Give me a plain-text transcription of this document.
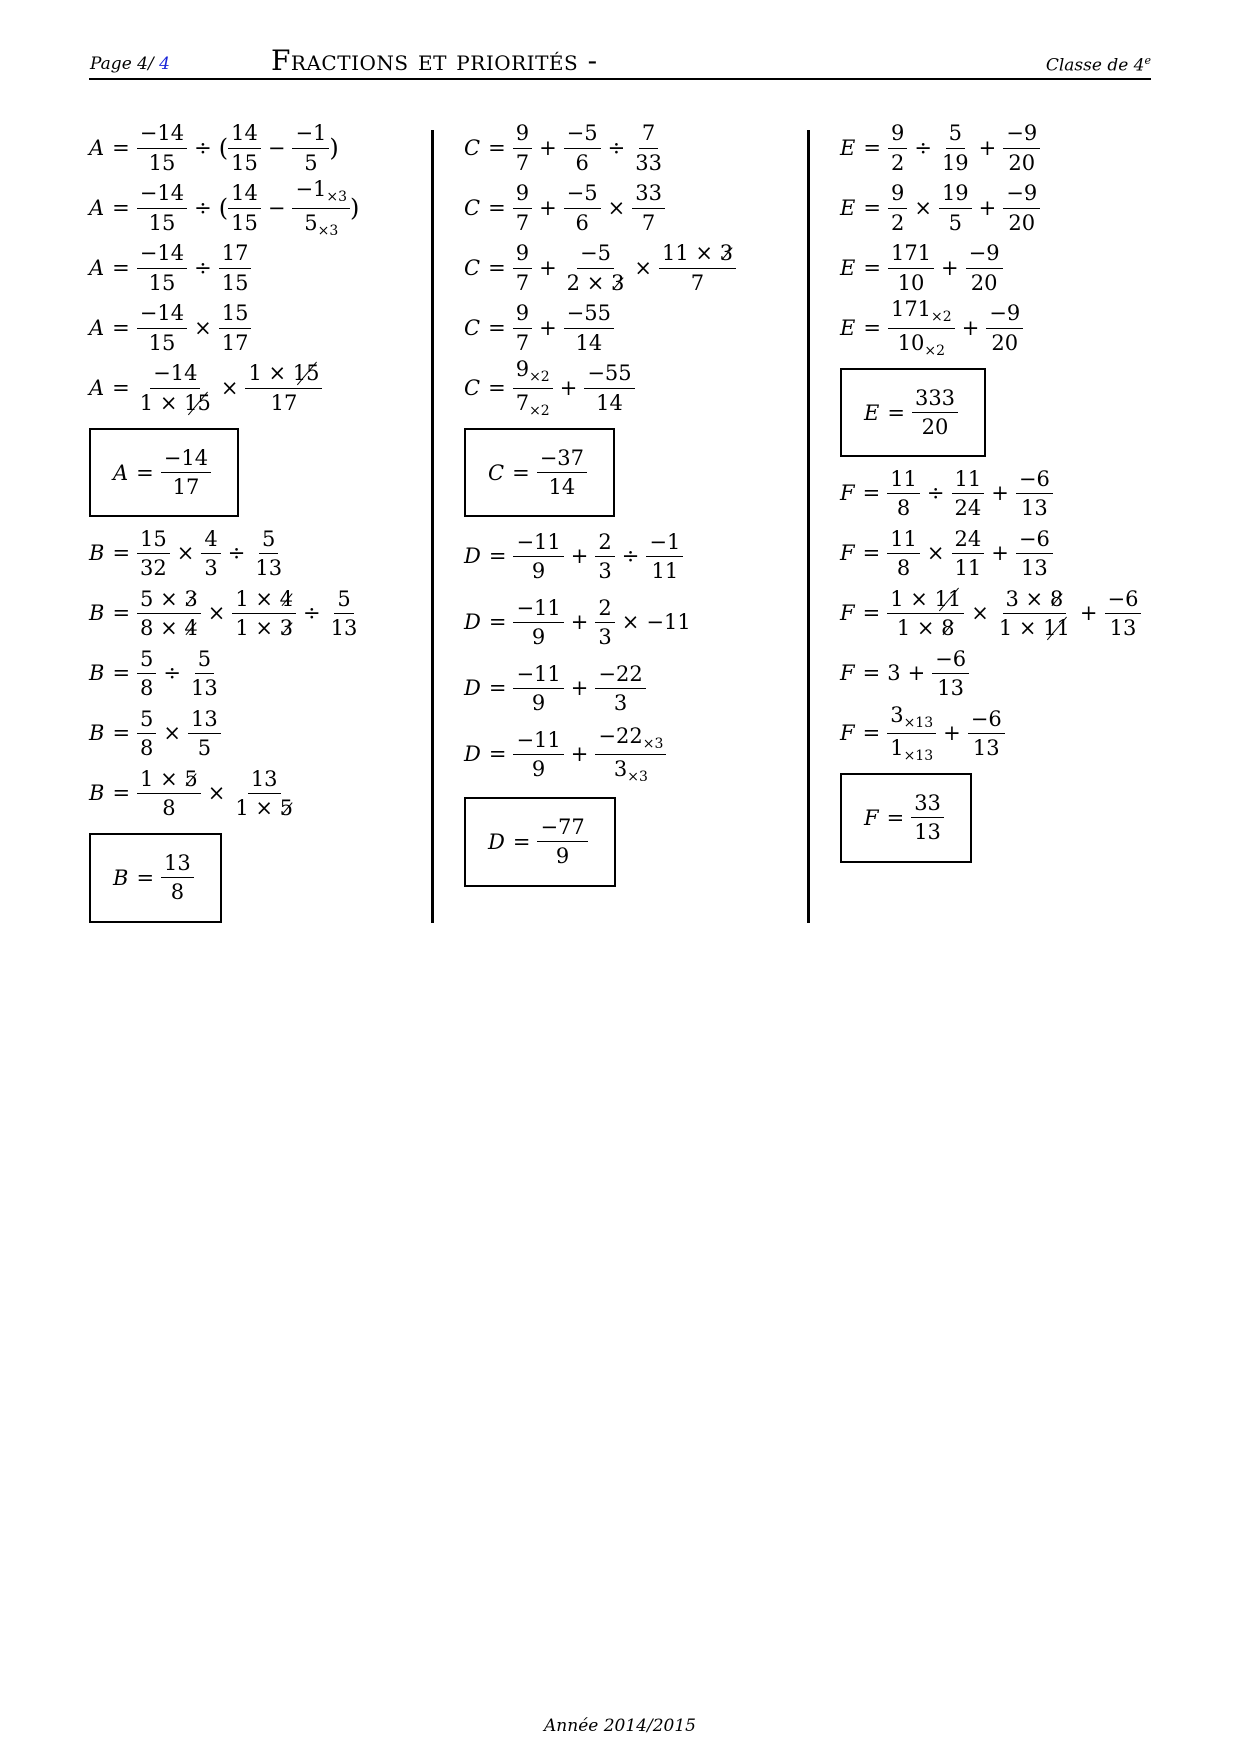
Page 4/ 4	Fractions et priorités -	Classe de 4e
$A = \frac{-14}{15}$ ÷ ( $\frac{14}{15} - \frac{-1}{5}$ )
$A = \frac{-14}{15}$ ÷ ( $\frac{14}{15} - \frac{-1_{\times 3}}{5_{\times 3}}$ )
$A = \frac{-14}{15} \div \frac{17}{15}$
$A = \frac{-14}{15} \times \frac{15}{17}$
$A = \frac{-14}{1 \times 15} \times \frac{1 \times 15}{17}$
$A = \frac{-14}{17}$
$B = \frac{15}{32} \times \frac{4}{3} \div \frac{5}{13}$
$B = \frac{5 \times 3}{8 \times 4} \times \frac{1 \times 4}{1 \times 3} \div \frac{5}{13}$
$B = \frac{5}{8} \div \frac{5}{13}$
$B = \frac{5}{8} \times \frac{13}{5}$
$B = \frac{1 \times 5}{8} \times \frac{13}{1 \times 5}$
$B = \frac{13}{8}$
$C = \frac{9}{7} + \frac{-5}{6} \div \frac{7}{33}$
$C = \frac{9}{7} + \frac{-5}{6} \times \frac{33}{7}$
$C = \frac{9}{7} + \frac{-5}{2 \times 3} \times \frac{11 \times 3}{7}$
$C = \frac{9}{7} + \frac{-55}{14}$
$C = \frac{9_{\times 2}}{7_{\times 2}} + \frac{-55}{14}$
$C = \frac{-37}{14}$
$D = \frac{-11}{9} + \frac{2}{3} \div \frac{-1}{11}$
$D = \frac{-11}{9} + \frac{2}{3} \times -11$
$D = \frac{-11}{9} + \frac{-22}{3}$
$D = \frac{-11}{9} + \frac{-22_{\times 3}}{3_{\times 3}}$
$D = \frac{-77}{9}$
$E = \frac{9}{2} \div \frac{5}{19} + \frac{-9}{20}$
$E = \frac{9}{2} \times \frac{19}{5} + \frac{-9}{20}$
$E = \frac{171}{10} + \frac{-9}{20}$
$E = \frac{171_{\times 2}}{10_{\times 2}} + \frac{-9}{20}$
$E = \frac{333}{20}$
$F = \frac{11}{8} \div \frac{11}{24} + \frac{-6}{13}$
$F = \frac{11}{8} \times \frac{24}{11} + \frac{-6}{13}$
$F = \frac{1 \times 11}{1 \times 8} \times \frac{3 \times 8}{1 \times 11} + \frac{-6}{13}$
$F = 3 + \frac{-6}{13}$
$F = \frac{3_{\times 13}}{1_{\times 13}} + \frac{-6}{13}$
$F = \frac{33}{13}$
Année 2014/2015
